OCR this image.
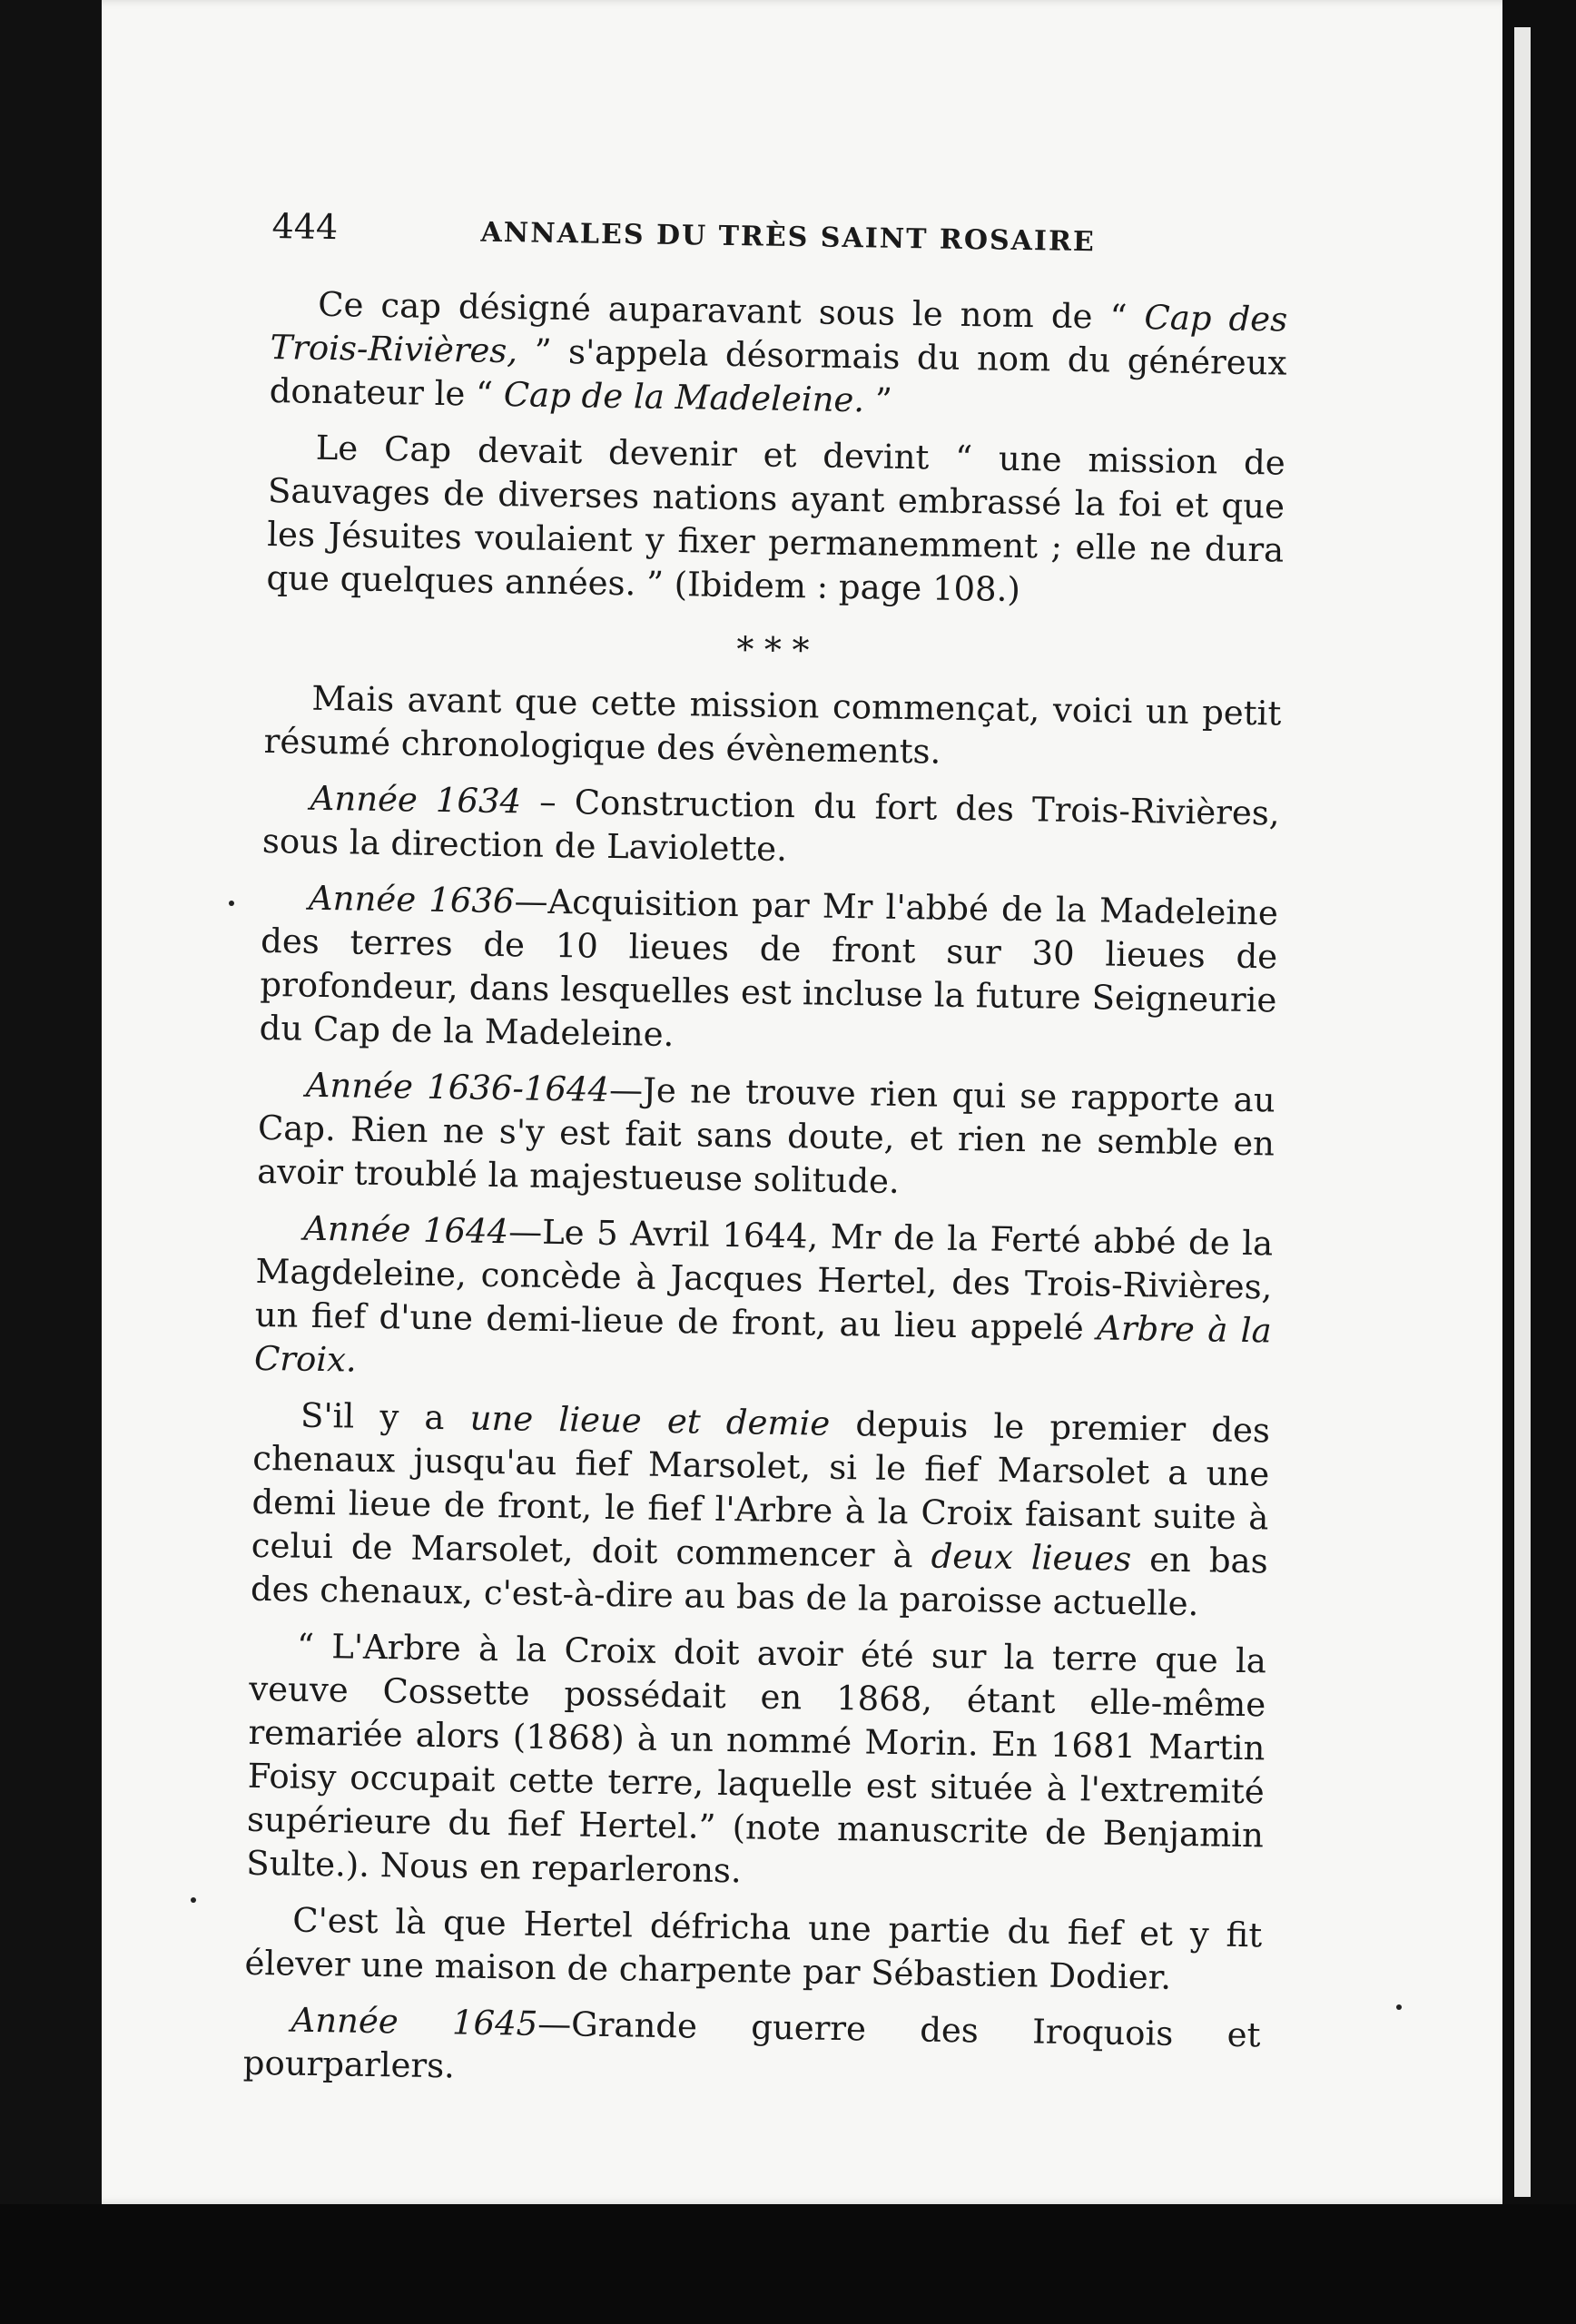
444	ANNALES DU TRÈS SAINT ROSAIRE

Ce cap désigné auparavant sous le nom de “ Cap des Trois-Rivières, ” s'appela désormais du nom du généreux donateur le “ Cap de la Madeleine. ”

Le Cap devait devenir et devint “ une mission de Sauvages de diverses nations ayant embrassé la foi et que les Jésuites voulaient y fixer permanemment ; elle ne dura que quelques années. ” (Ibidem : page 108.)

* * *

Mais avant que cette mission commençat, voici un petit résumé chronologique des évènements.

Année 1634 – Construction du fort des Trois-Rivières, sous la direction de Laviolette.

Année 1636—Acquisition par Mr l'abbé de la Madeleine des terres de 10 lieues de front sur 30 lieues de profondeur, dans lesquelles est incluse la future Seigneurie du Cap de la Madeleine.

Année 1636-1644—Je ne trouve rien qui se rapporte au Cap. Rien ne s'y est fait sans doute, et rien ne semble en avoir troublé la majestueuse solitude.

Année 1644—Le 5 Avril 1644, Mr de la Ferté abbé de la Magdeleine, concède à Jacques Hertel, des Trois-Rivières, un fief d'une demi-lieue de front, au lieu appelé Arbre à la Croix.

S'il y a une lieue et demie depuis le premier des chenaux jusqu'au fief Marsolet, si le fief Marsolet a une demi lieue de front, le fief l'Arbre à la Croix faisant suite à celui de Marsolet, doit commencer à deux lieues en bas des chenaux, c'est-à-dire au bas de la paroisse actuelle.

“ L'Arbre à la Croix doit avoir été sur la terre que la veuve Cossette possédait en 1868, étant elle-même remariée alors (1868) à un nommé Morin. En 1681 Martin Foisy occupait cette terre, laquelle est située à l'extremité supérieure du fief Hertel.” (note manuscrite de Benjamin Sulte.). Nous en reparlerons.

C'est là que Hertel défricha une partie du fief et y fit élever une maison de charpente par Sébastien Dodier.

Année 1645—Grande guerre des Iroquois et pourparlers.
